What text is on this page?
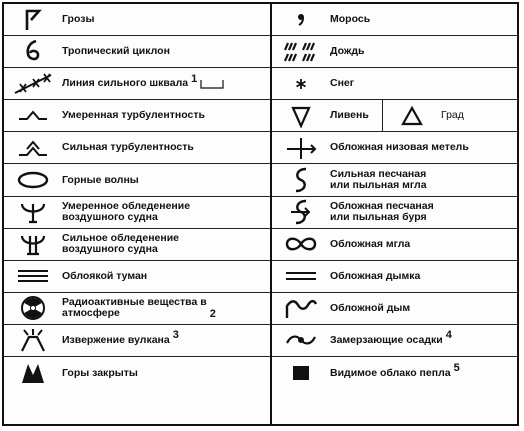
Грозы
Тропический циклон
Линия сильного шквала 1
Умеренная турбулентность
Сильная турбулентность
Горные волны
Умеренное обледенение
воздушного судна
Сильное обледенение
воздушного судна
Облоякой туман
Радиоактивные вещества в
атмосфере	2
Извержение вулкана 3
Горы закрыты
Морось
Дождь
Снег
Ливень	Град
Обложная низовая метель
Сильная песчаная
или пыльная мгла
Обложная песчаная
или пыльная буря
Обложная мгла
Обложная дымка
Обложной дым
Замерзающие осадки 4
Видимое облако пепла 5
